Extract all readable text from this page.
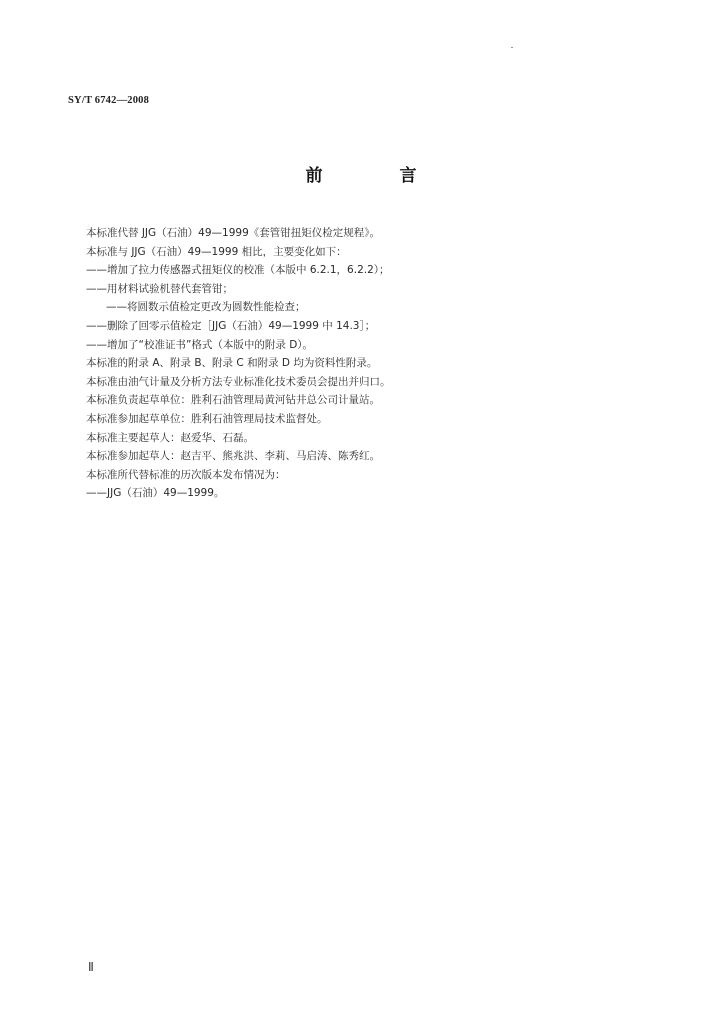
SY/T 6742—2008
前　言
本标准代替 JJG（石油）49—1999《套管钳扭矩仪检定规程》。
本标准与 JJG（石油）49—1999 相比，主要变化如下：
——增加了拉力传感器式扭矩仪的校准（本版中 6.2.1，6.2.2）；
——用材料试验机替代套管钳；
——将圆数示值检定更改为圆数性能检查；
——删除了回零示值检定［JJG（石油）49—1999 中 14.3］；
——增加了“校准证书”格式（本版中的附录 D）。
本标准的附录 A、附录 B、附录 C 和附录 D 均为资料性附录。
本标准由油气计量及分析方法专业标准化技术委员会提出并归口。
本标准负责起草单位：胜利石油管理局黄河钻井总公司计量站。
本标准参加起草单位：胜利石油管理局技术监督处。
本标准主要起草人：赵爱华、石磊。
本标准参加起草人：赵吉平、熊兆洪、李莉、马启涛、陈秀红。
本标准所代替标准的历次版本发布情况为：
——JJG（石油）49—1999。
Ⅱ
